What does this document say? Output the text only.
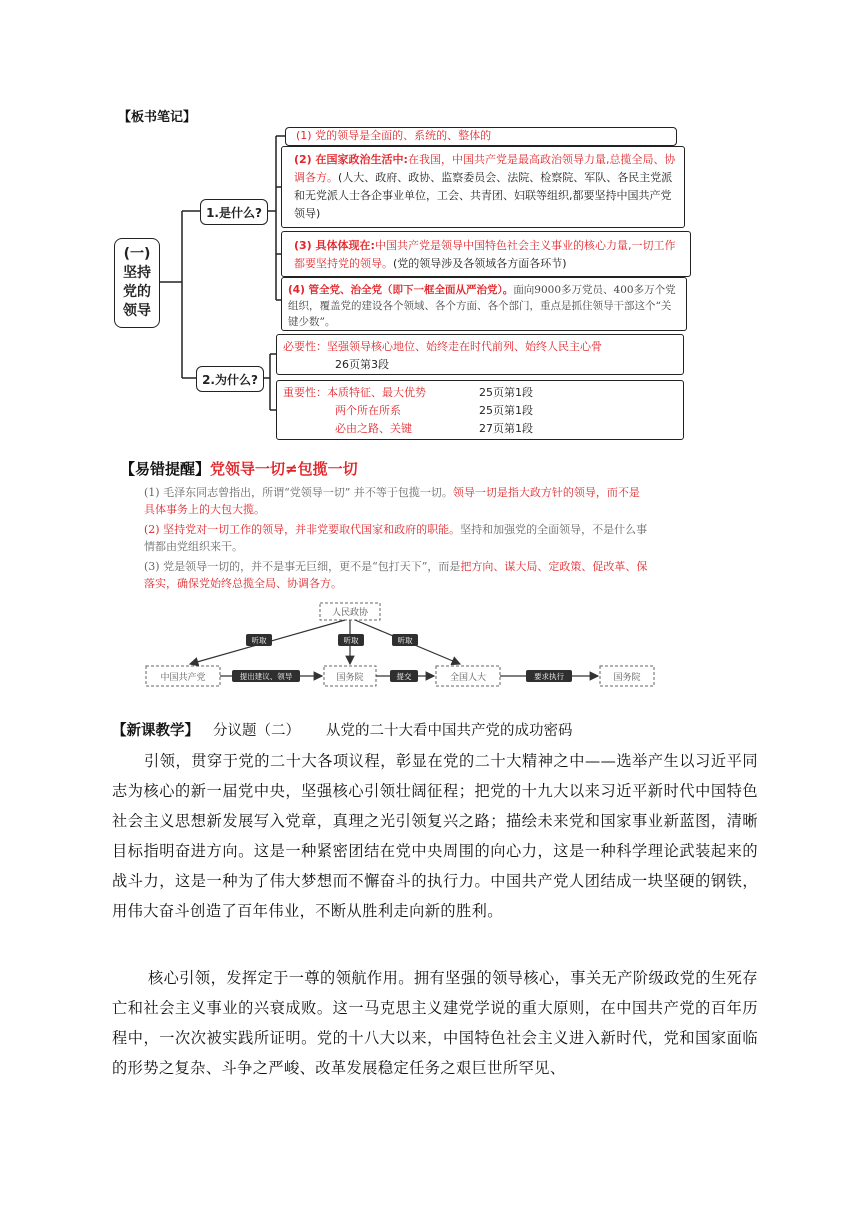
【板书笔记】
(一)
坚持
党的
领导
1.是什么?
2.为什么?
(1) 党的领导是全面的、系统的、整体的
(2) 在国家政治生活中:在我国，中国共产党是最高政治领导力量,总揽全局、协调各方。(人大、政府、政协、监察委员会、法院、检察院、军队、各民主党派和无党派人士各企事业单位，工会、共青团、妇联等组织,都要坚持中国共产党领导)
(3) 具体体现在:中国共产党是领导中国特色社会主义事业的核心力量,一切工作都要坚持党的领导。(党的领导涉及各领域各方面各环节)
(4) 管全党、治全党（即下一框全面从严治党）。面向9000多万党员、400多万个党组织，覆盖党的建设各个领域、各个方面、各个部门，重点是抓住领导干部这个“关键少数”。
必要性：坚强领导核心地位、始终走在时代前列、始终人民主心骨
26页第3段
重要性：本质特征、最大优势	25页第1段
两个所在所系	25页第1段
必由之路、关键	27页第1段
【易错提醒】党领导一切≠包揽一切

(1) 毛泽东同志曾指出，所谓“党领导一切” 并不等于包揽一切。领导一切是指大政方针的领导，而不是具体事务上的大包大揽。

(2) 坚持党对一切工作的领导，并非党要取代国家和政府的职能。坚持和加强党的全面领导，不是什么事情都由党组织来干。

(3) 党是领导一切的，并不是事无巨细，更不是“包打天下”，而是把方向、谋大局、定政策、促改革、保落实，确保党始终总揽全局、协调各方。

人民政协
中国共产党	国务院	全国人大	国务院
听取	听取	听取
提出建议、领导	提交	要求执行
【新课教学】 分议题（二） 从党的二十大看中国共产党的成功密码
引领，贯穿于党的二十大各项议程，彰显在党的二十大精神之中——选举产生以习近平同志为核心的新一届党中央，坚强核心引领壮阔征程；把党的十九大以来习近平新时代中国特色社会主义思想新发展写入党章，真理之光引领复兴之路；描绘未来党和国家事业新蓝图，清晰目标指明奋进方向。这是一种紧密团结在党中央周围的向心力，这是一种科学理论武装起来的战斗力，这是一种为了伟大梦想而不懈奋斗的执行力。中国共产党人团结成一块坚硬的钢铁，用伟大奋斗创造了百年伟业，不断从胜利走向新的胜利。
核心引领，发挥定于一尊的领航作用。拥有坚强的领导核心，事关无产阶级政党的生死存亡和社会主义事业的兴衰成败。这一马克思主义建党学说的重大原则，在中国共产党的百年历程中，一次次被实践所证明。党的十八大以来，中国特色社会主义进入新时代，党和国家面临的形势之复杂、斗争之严峻、改革发展稳定任务之艰巨世所罕见、
